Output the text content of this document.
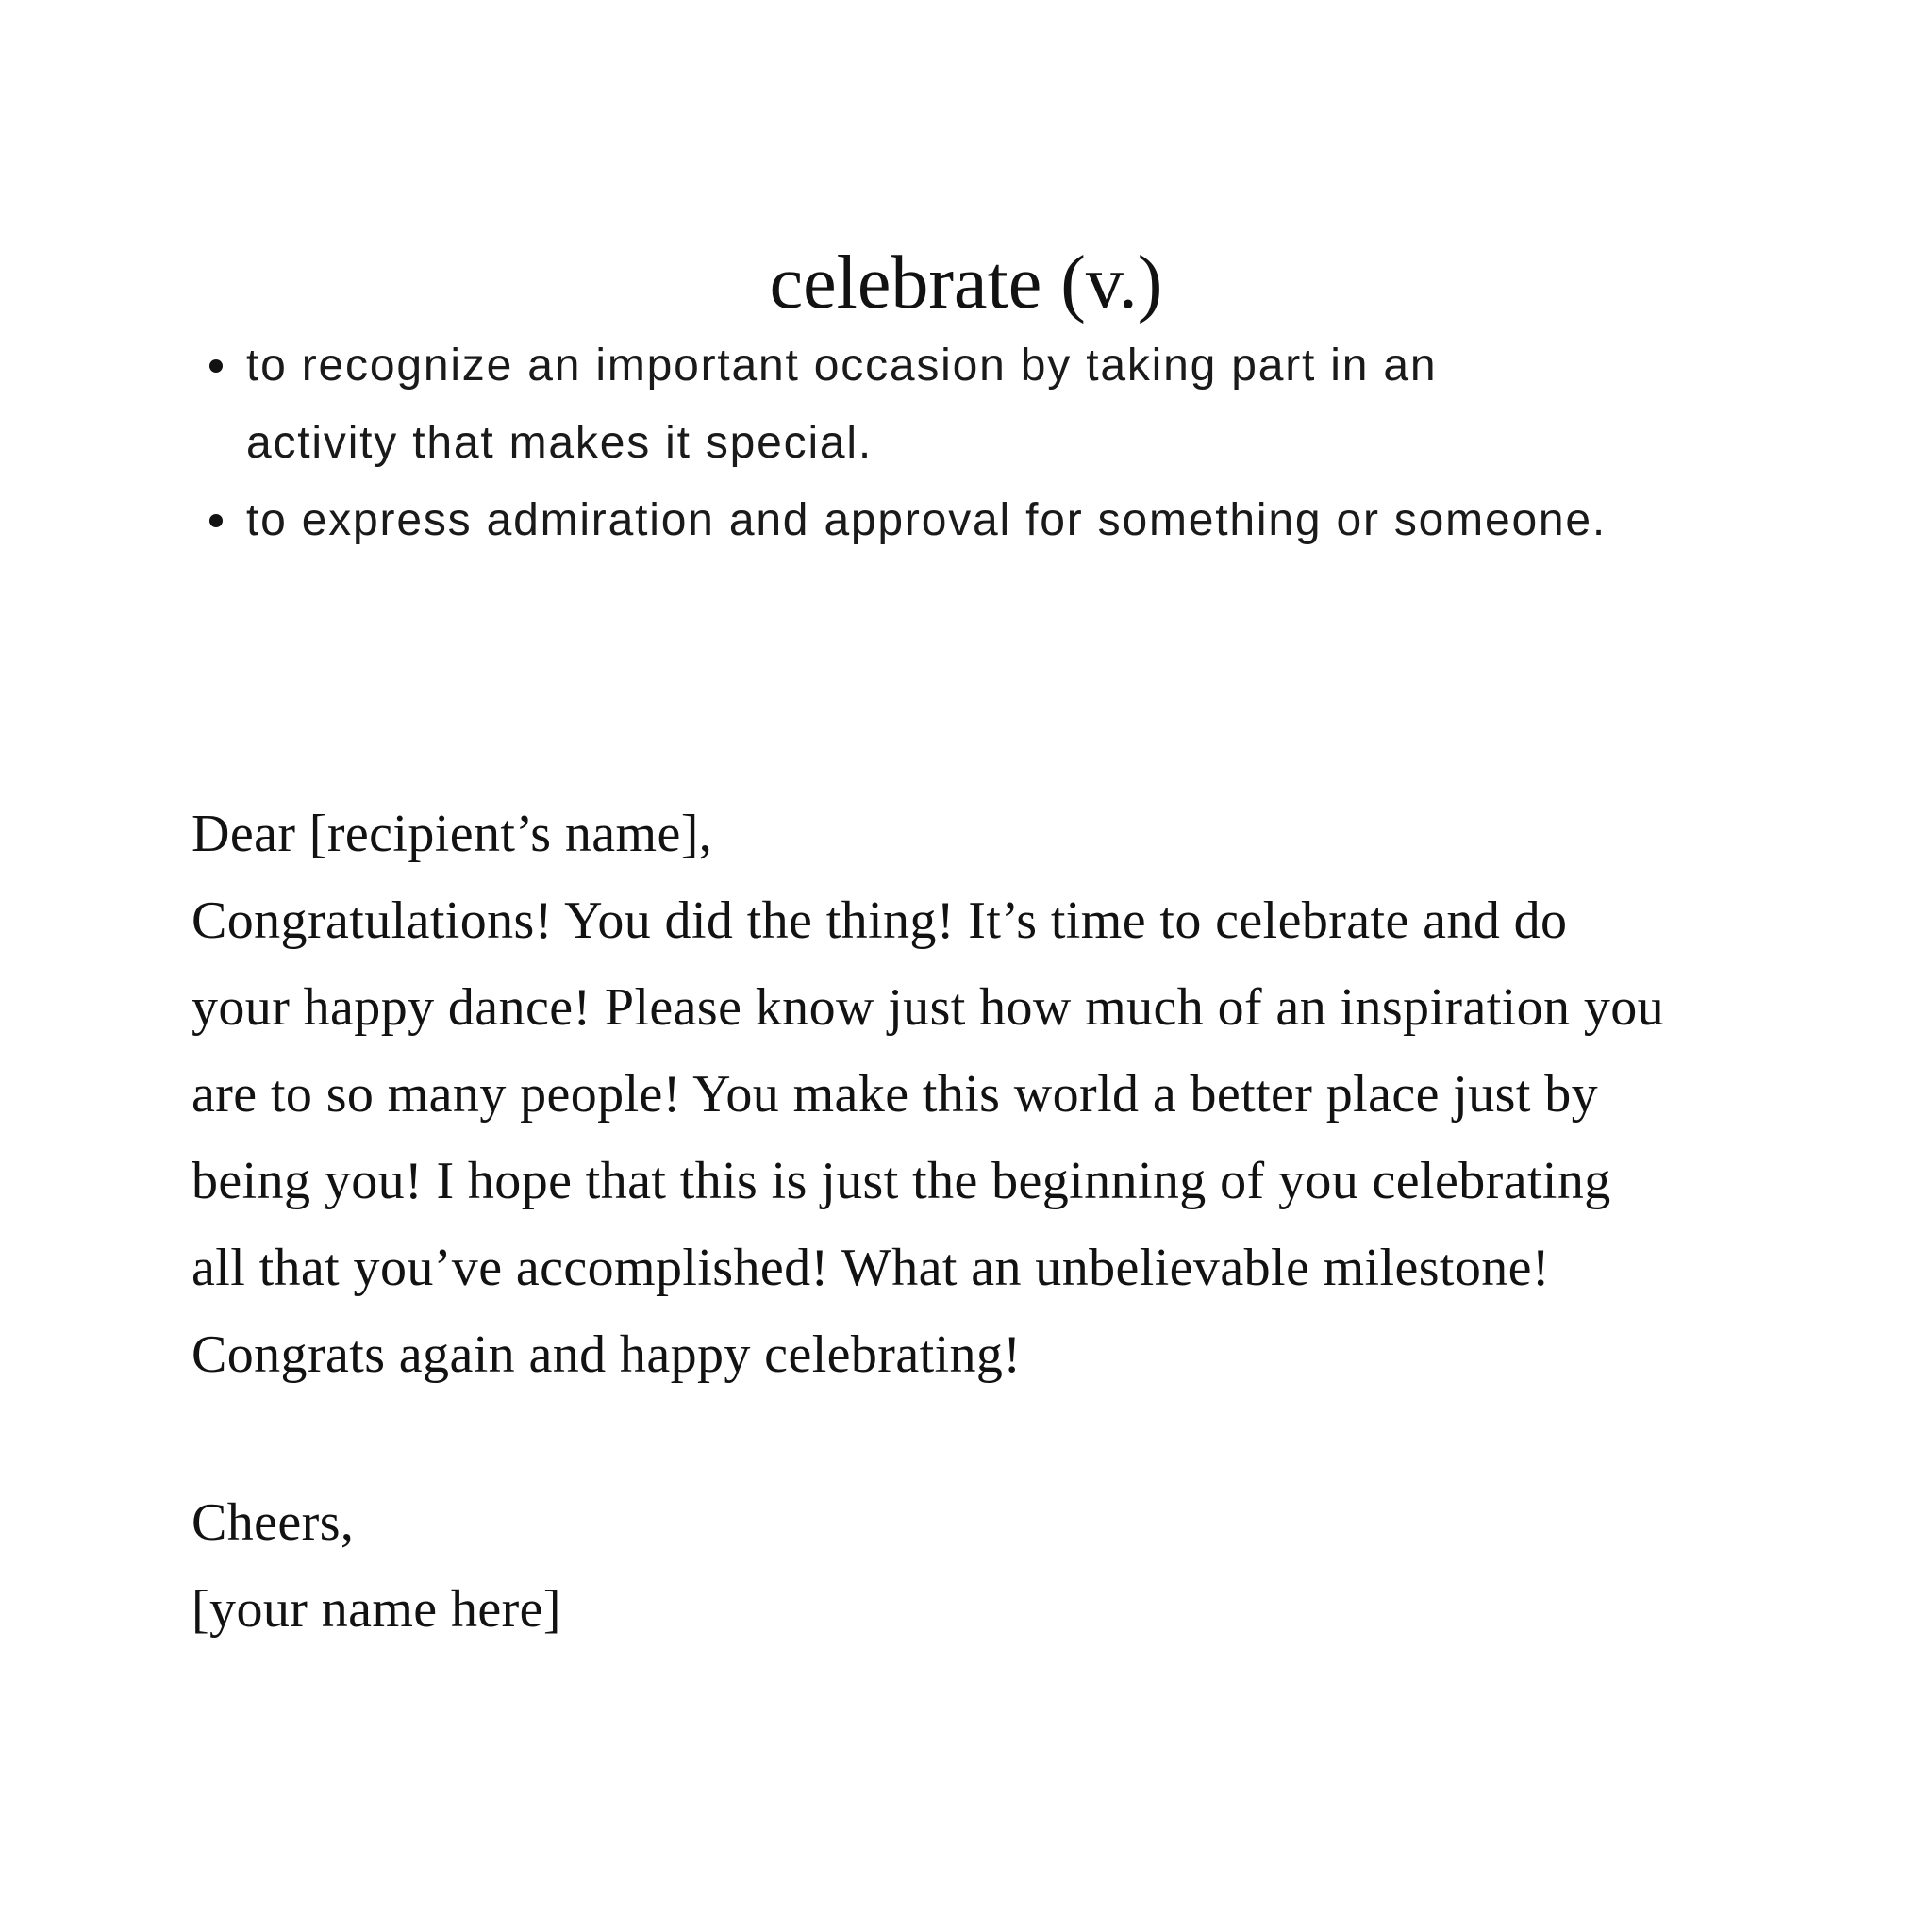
celebrate (v.)
to recognize an important occasion by taking part in an
activity that makes it special.
to express admiration and approval for something or someone.
Dear [recipient’s name],
Congratulations! You did the thing! It’s time to celebrate and do
your happy dance! Please know just how much of an inspiration you
are to so many people! You make this world a better place just by
being you! I hope that this is just the beginning of you celebrating
all that you’ve accomplished! What an unbelievable milestone!
Congrats again and happy celebrating!
Cheers,
[your name here]
